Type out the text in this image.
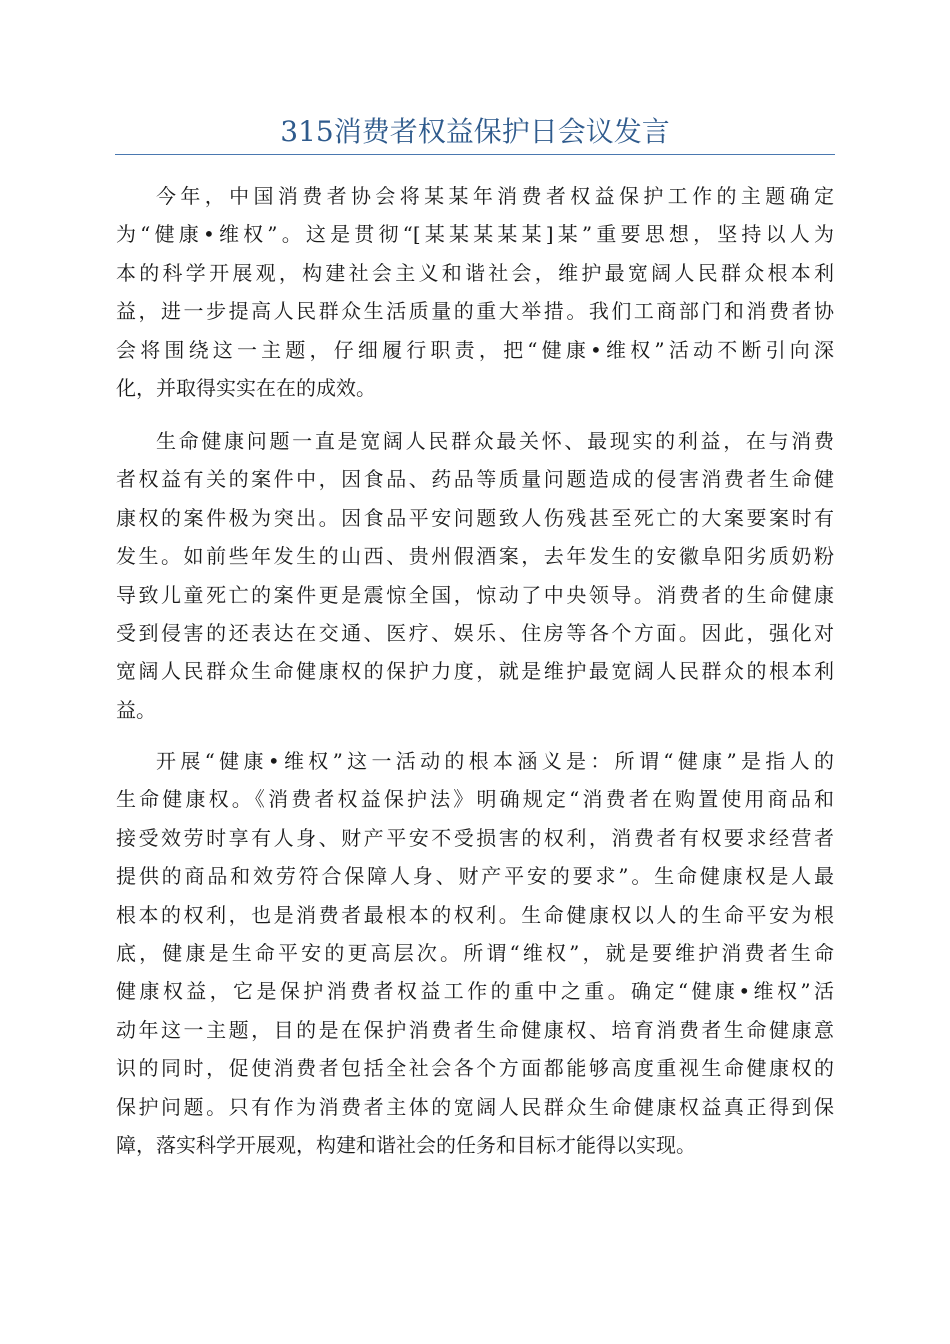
315消费者权益保护日会议发言
今年，中国消费者协会将某某年消费者权益保护工作的主题确定
为“健康•维权”。这是贯彻“[某某某某某]某”重要思想，坚持以人为
本的科学开展观，构建社会主义和谐社会，维护最宽阔人民群众根本利
益，进一步提高人民群众生活质量的重大举措。我们工商部门和消费者协
会将围绕这一主题，仔细履行职责，把“健康•维权”活动不断引向深
化，并取得实实在在的成效。
生命健康问题一直是宽阔人民群众最关怀、最现实的利益，在与消费
者权益有关的案件中，因食品、药品等质量问题造成的侵害消费者生命健
康权的案件极为突出。因食品平安问题致人伤残甚至死亡的大案要案时有
发生。如前些年发生的山西、贵州假酒案，去年发生的安徽阜阳劣质奶粉
导致儿童死亡的案件更是震惊全国，惊动了中央领导。消费者的生命健康
受到侵害的还表达在交通、医疗、娱乐、住房等各个方面。因此，强化对
宽阔人民群众生命健康权的保护力度，就是维护最宽阔人民群众的根本利
益。
开展“健康•维权”这一活动的根本涵义是：所谓“健康”是指人的
生命健康权。《消费者权益保护法》明确规定“消费者在购置使用商品和
接受效劳时享有人身、财产平安不受损害的权利，消费者有权要求经营者
提供的商品和效劳符合保障人身、财产平安的要求”。生命健康权是人最
根本的权利，也是消费者最根本的权利。生命健康权以人的生命平安为根
底，健康是生命平安的更高层次。所谓“维权”，就是要维护消费者生命
健康权益，它是保护消费者权益工作的重中之重。确定“健康•维权”活
动年这一主题，目的是在保护消费者生命健康权、培育消费者生命健康意
识的同时，促使消费者包括全社会各个方面都能够高度重视生命健康权的
保护问题。只有作为消费者主体的宽阔人民群众生命健康权益真正得到保
障，落实科学开展观，构建和谐社会的任务和目标才能得以实现。
